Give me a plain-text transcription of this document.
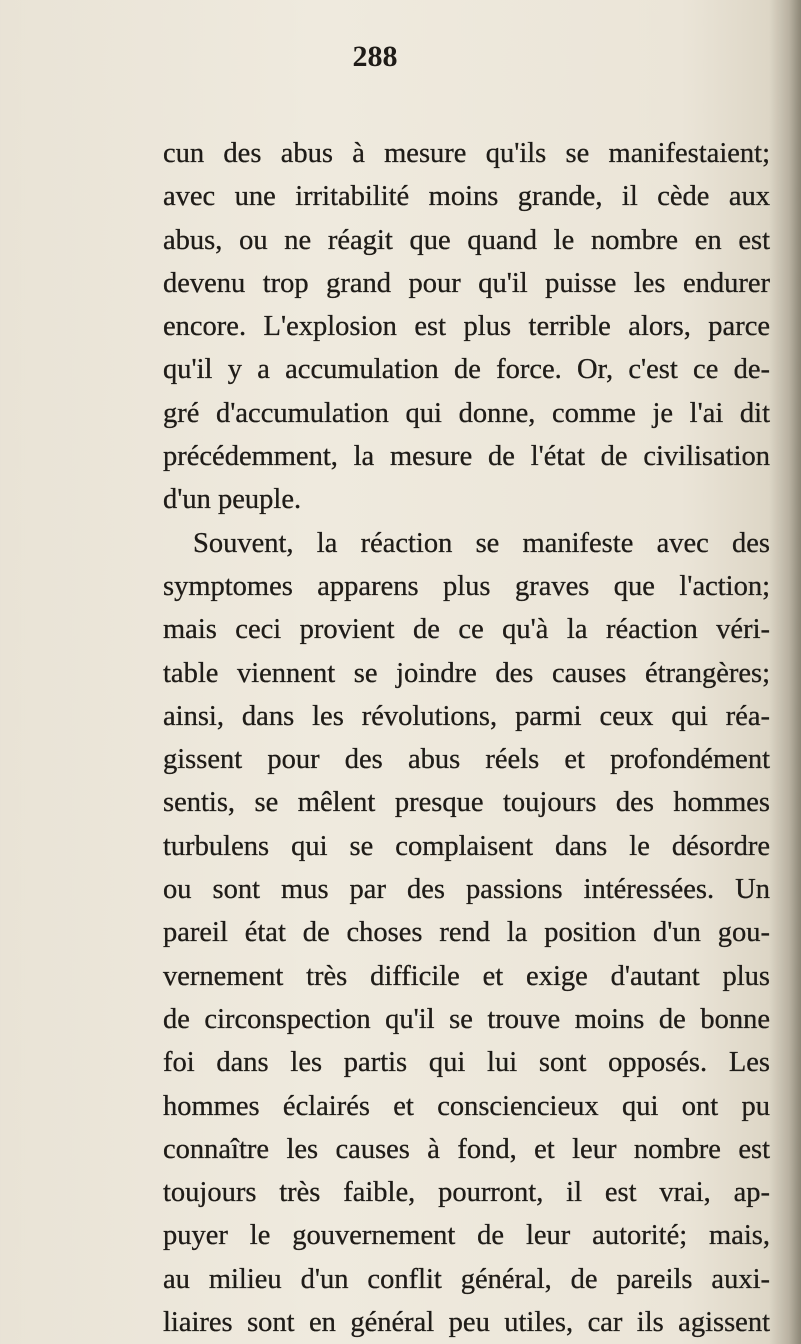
288
cun des abus à mesure qu'ils se manifestaient;
avec une irritabilité moins grande, il cède aux
abus, ou ne réagit que quand le nombre en est
devenu trop grand pour qu'il puisse les endurer
encore. L'explosion est plus terrible alors, parce
qu'il y a accumulation de force. Or, c'est ce de-
gré d'accumulation qui donne, comme je l'ai dit
précédemment, la mesure de l'état de civilisation
d'un peuple.
Souvent, la réaction se manifeste avec des
symptomes apparens plus graves que l'action;
mais ceci provient de ce qu'à la réaction véri-
table viennent se joindre des causes étrangères;
ainsi, dans les révolutions, parmi ceux qui réa-
gissent pour des abus réels et profondément
sentis, se mêlent presque toujours des hommes
turbulens qui se complaisent dans le désordre
ou sont mus par des passions intéressées. Un
pareil état de choses rend la position d'un gou-
vernement très difficile et exige d'autant plus
de circonspection qu'il se trouve moins de bonne
foi dans les partis qui lui sont opposés. Les
hommes éclairés et consciencieux qui ont pu
connaître les causes à fond, et leur nombre est
toujours très faible, pourront, il est vrai, ap-
puyer le gouvernement de leur autorité; mais,
au milieu d'un conflit général, de pareils auxi-
liaires sont en général peu utiles, car ils agissent
